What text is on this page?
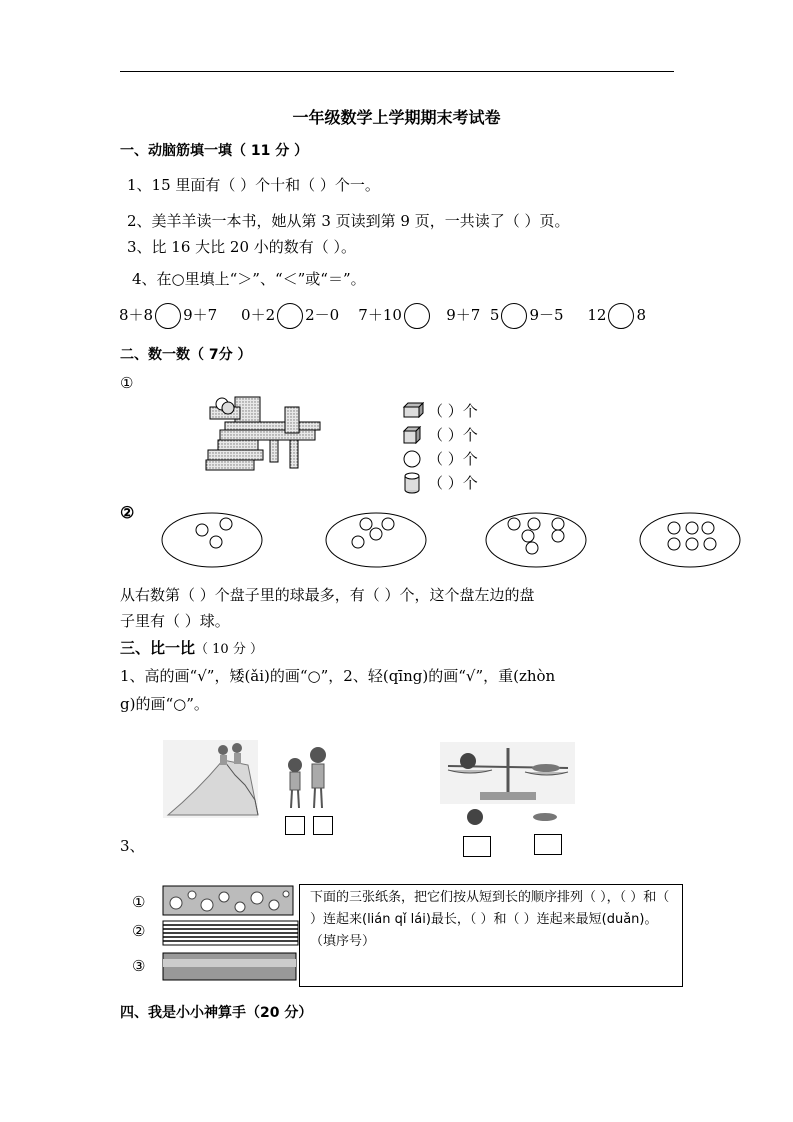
一年级数学上学期期末考试卷
一、动脑筋填一填（ 11 分 ）
1、15 里面有（ ）个十和（ ）个一。
2、美羊羊读一本书，她从第 3 页读到第 9 页，一共读了（ ）页。
3、比 16 大比 20 小的数有（ ）。
4、在○里填上“＞”、“＜”或“＝”。
8＋8 9＋7 0＋2 2－0 7＋10	9＋7 5 9－5 12 8
二、数一数（ 7分 ）
①
（ ）个
（ ）个
（ ）个
（ ）个
②
从右数第（ ）个盘子里的球最多，有（ ）个，这个盘左边的盘
子里有（ ）球。
三、比一比（ 10 分 ）
1、高的画“√”，矮(ǎi)的画“○”，2、轻(qīng)的画“√”，重(zhòn
g)的画“○”。
3、
①
②
③
下面的三张纸条，把它们按从短到长的顺序排列（ ），（ ）和（ ）连起来(lián qǐ lái)最长，（ ）和（ ）连起来最短(duǎn)。（填序号）
四、我是小小神算手（20 分）
